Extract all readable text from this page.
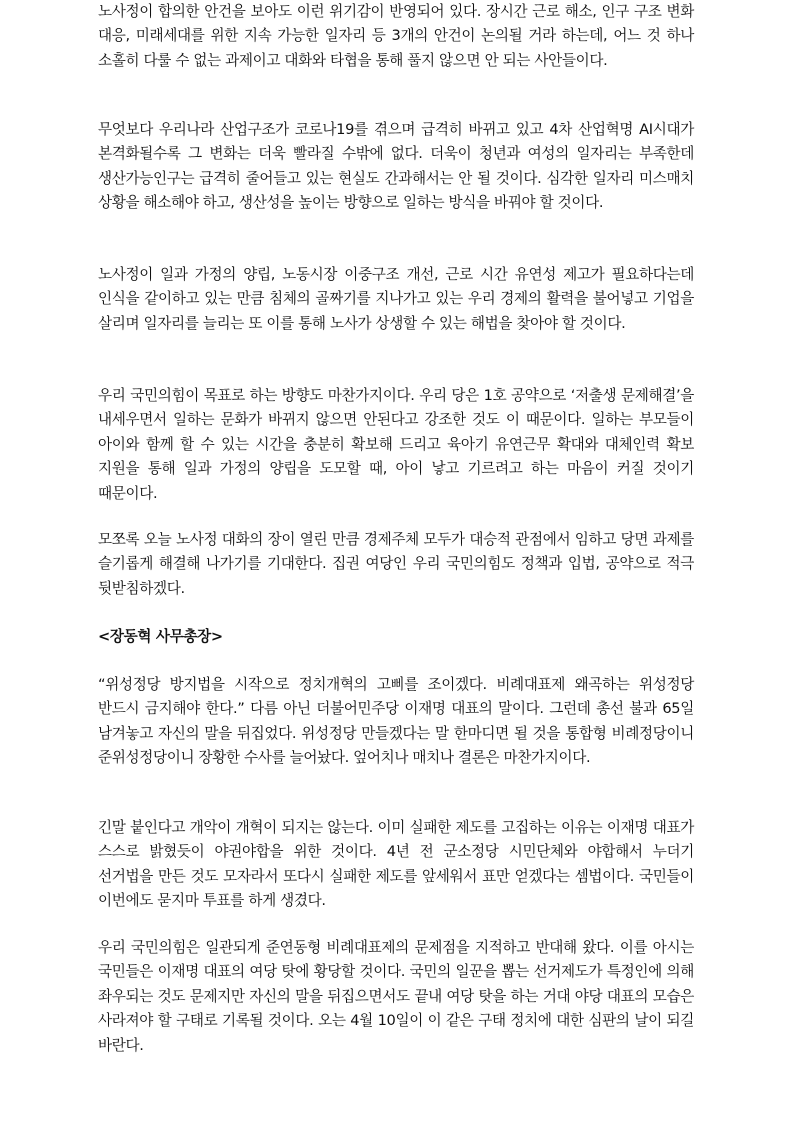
노사정이 합의한 안건을 보아도 이런 위기감이 반영되어 있다. 장시간 근로 해소, 인구 구조 변화 대응, 미래세대를 위한 지속 가능한 일자리 등 3개의 안건이 논의될 거라 하는데, 어느 것 하나 소홀히 다룰 수 없는 과제이고 대화와 타협을 통해 풀지 않으면 안 되는 사안들이다.

무엇보다 우리나라 산업구조가 코로나19를 겪으며 급격히 바뀌고 있고 4차 산업혁명 AI시대가 본격화될수록 그 변화는 더욱 빨라질 수밖에 없다. 더욱이 청년과 여성의 일자리는 부족한데 생산가능인구는 급격히 줄어들고 있는 현실도 간과해서는 안 될 것이다. 심각한 일자리 미스매치 상황을 해소해야 하고, 생산성을 높이는 방향으로 일하는 방식을 바꿔야 할 것이다.

노사정이 일과 가정의 양립, 노동시장 이중구조 개선, 근로 시간 유연성 제고가 필요하다는데 인식을 같이하고 있는 만큼 침체의 골짜기를 지나가고 있는 우리 경제의 활력을 불어넣고 기업을 살리며 일자리를 늘리는 또 이를 통해 노사가 상생할 수 있는 해법을 찾아야 할 것이다.

우리 국민의힘이 목표로 하는 방향도 마찬가지이다. 우리 당은 1호 공약으로 ‘저출생 문제해결’을 내세우면서 일하는 문화가 바뀌지 않으면 안된다고 강조한 것도 이 때문이다. 일하는 부모들이 아이와 함께 할 수 있는 시간을 충분히 확보해 드리고 육아기 유연근무 확대와 대체인력 확보 지원을 통해 일과 가정의 양립을 도모할 때, 아이 낳고 기르려고 하는 마음이 커질 것이기 때문이다.

모쪼록 오늘 노사정 대화의 장이 열린 만큼 경제주체 모두가 대승적 관점에서 임하고 당면 과제를 슬기롭게 해결해 나가기를 기대한다. 집권 여당인 우리 국민의힘도 정책과 입법, 공약으로 적극 뒷받침하겠다.

<장동혁 사무총장>

“위성정당 방지법을 시작으로 정치개혁의 고삐를 조이겠다. 비례대표제 왜곡하는 위성정당 반드시 금지해야 한다.” 다름 아닌 더불어민주당 이재명 대표의 말이다. 그런데 총선 불과 65일 남겨놓고 자신의 말을 뒤집었다. 위성정당 만들겠다는 말 한마디면 될 것을 통합형 비례정당이니 준위성정당이니 장황한 수사를 늘어놨다. 엎어치나 매치나 결론은 마찬가지이다.

긴말 붙인다고 개악이 개혁이 되지는 않는다. 이미 실패한 제도를 고집하는 이유는 이재명 대표가 스스로 밝혔듯이 야권야합을 위한 것이다. 4년 전 군소정당 시민단체와 야합해서 누더기 선거법을 만든 것도 모자라서 또다시 실패한 제도를 앞세워서 표만 얻겠다는 셈법이다. 국민들이 이번에도 묻지마 투표를 하게 생겼다.

우리 국민의힘은 일관되게 준연동형 비례대표제의 문제점을 지적하고 반대해 왔다. 이를 아시는 국민들은 이재명 대표의 여당 탓에 황당할 것이다. 국민의 일꾼을 뽑는 선거제도가 특정인에 의해 좌우되는 것도 문제지만 자신의 말을 뒤집으면서도 끝내 여당 탓을 하는 거대 야당 대표의 모습은 사라져야 할 구태로 기록될 것이다. 오는 4월 10일이 이 같은 구태 정치에 대한 심판의 날이 되길 바란다.
